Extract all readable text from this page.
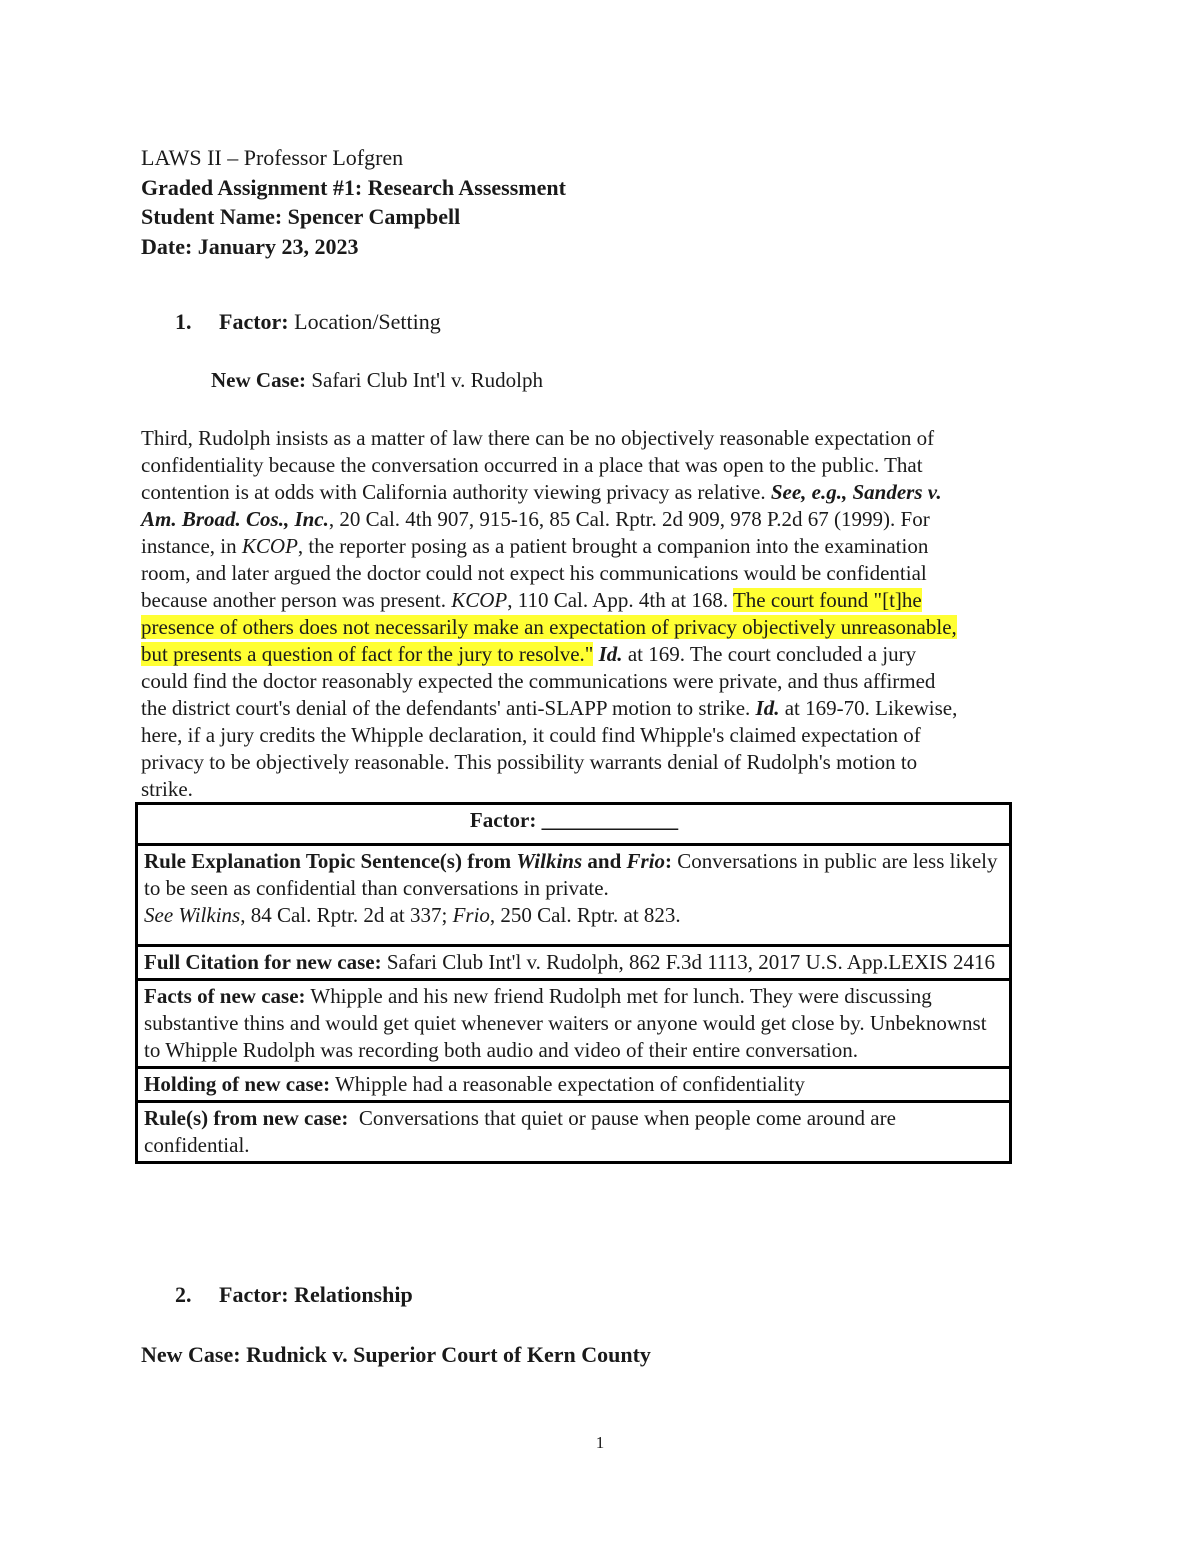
LAWS II – Professor Lofgren
Graded Assignment #1: Research Assessment
Student Name: Spencer Campbell
Date: January 23, 2023
1. Factor: Location/Setting
New Case: Safari Club Int'l v. Rudolph
Third, Rudolph insists as a matter of law there can be no objectively reasonable expectation of
confidentiality because the conversation occurred in a place that was open to the public. That
contention is at odds with California authority viewing privacy as relative. See, e.g., Sanders v.
Am. Broad. Cos., Inc., 20 Cal. 4th 907, 915-16, 85 Cal. Rptr. 2d 909, 978 P.2d 67 (1999). For
instance, in KCOP, the reporter posing as a patient brought a companion into the examination
room, and later argued the doctor could not expect his communications would be confidential
because another person was present. KCOP, 110 Cal. App. 4th at 168. The court found "[t]he
presence of others does not necessarily make an expectation of privacy objectively unreasonable,
but presents a question of fact for the jury to resolve." Id. at 169. The court concluded a jury
could find the doctor reasonably expected the communications were private, and thus affirmed
the district court's denial of the defendants' anti-SLAPP motion to strike. Id. at 169-70. Likewise,
here, if a jury credits the Whipple declaration, it could find Whipple's claimed expectation of
privacy to be objectively reasonable. This possibility warrants denial of Rudolph's motion to
strike.
Factor: _____________
Rule Explanation Topic Sentence(s) from Wilkins and Frio: Conversations in public are less likely to be seen as confidential than conversations in private.
See Wilkins, 84 Cal. Rptr. 2d at 337; Frio, 250 Cal. Rptr. at 823.
Full Citation for new case: Safari Club Int'l v. Rudolph, 862 F.3d 1113, 2017 U.S. App.LEXIS 2416
Facts of new case: Whipple and his new friend Rudolph met for lunch. They were discussing substantive thins and would get quiet whenever waiters or anyone would get close by. Unbeknownst to Whipple Rudolph was recording both audio and video of their entire conversation.
Holding of new case: Whipple had a reasonable expectation of confidentiality
Rule(s) from new case:  Conversations that quiet or pause when people come around are confidential.
2. Factor: Relationship
New Case: Rudnick v. Superior Court of Kern County
1
